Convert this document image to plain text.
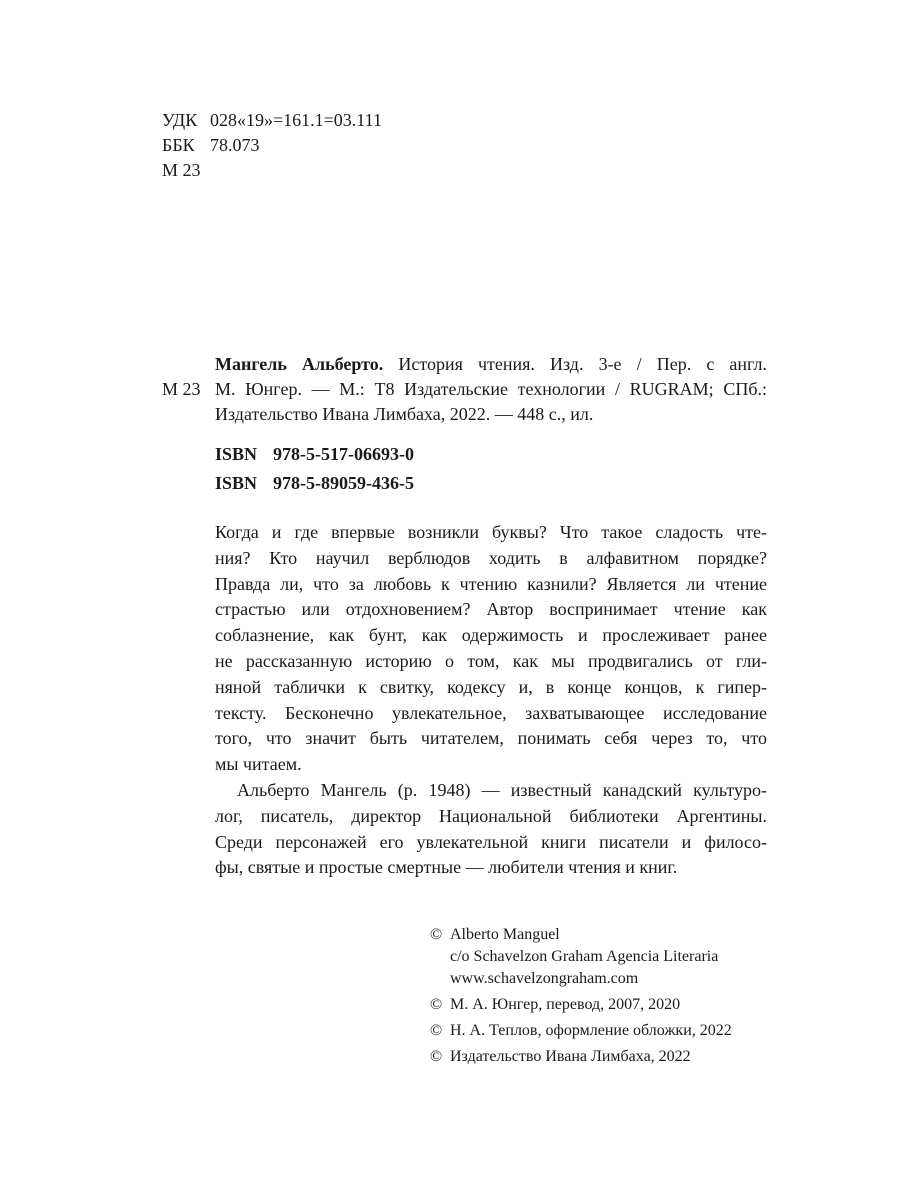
УДК 028«19»=161.1=03.111
ББК 78.073
М 23
М 23
Мангель Альберто. История чтения. Изд. 3-е / Пер. с англ.
М. Юнгер. — М.: Т8 Издательские технологии / RUGRAM; СПб.:
Издательство Ивана Лимбаха, 2022. — 448 с., ил.
ISBN 978-5-517-06693-0
ISBN 978-5-89059-436-5
Когда и где впервые возникли буквы? Что такое сладость чте-
ния? Кто научил верблюдов ходить в алфавитном порядке?
Правда ли, что за любовь к чтению казнили? Является ли чтение
страстью или отдохновением? Автор воспринимает чтение как
соблазнение, как бунт, как одержимость и прослеживает ранее
не рассказанную историю о том, как мы продвигались от гли-
няной таблички к свитку, кодексу и, в конце концов, к гипер-
тексту. Бесконечно увлекательное, захватывающее исследование
того, что значит быть читателем, понимать себя через то, что
мы читаем.
Альберто Мангель (р. 1948) — известный канадский культуро-
лог, писатель, директор Национальной библиотеки Аргентины.
Среди персонажей его увлекательной книги писатели и филосо-
фы, святые и простые смертные — любители чтения и книг.
© Alberto Manguel
c/o Schavelzon Graham Agencia Literaria
www.schavelzongraham.com
© М. А. Юнгер, перевод, 2007, 2020
© Н. А. Теплов, оформление обложки, 2022
© Издательство Ивана Лимбаха, 2022
